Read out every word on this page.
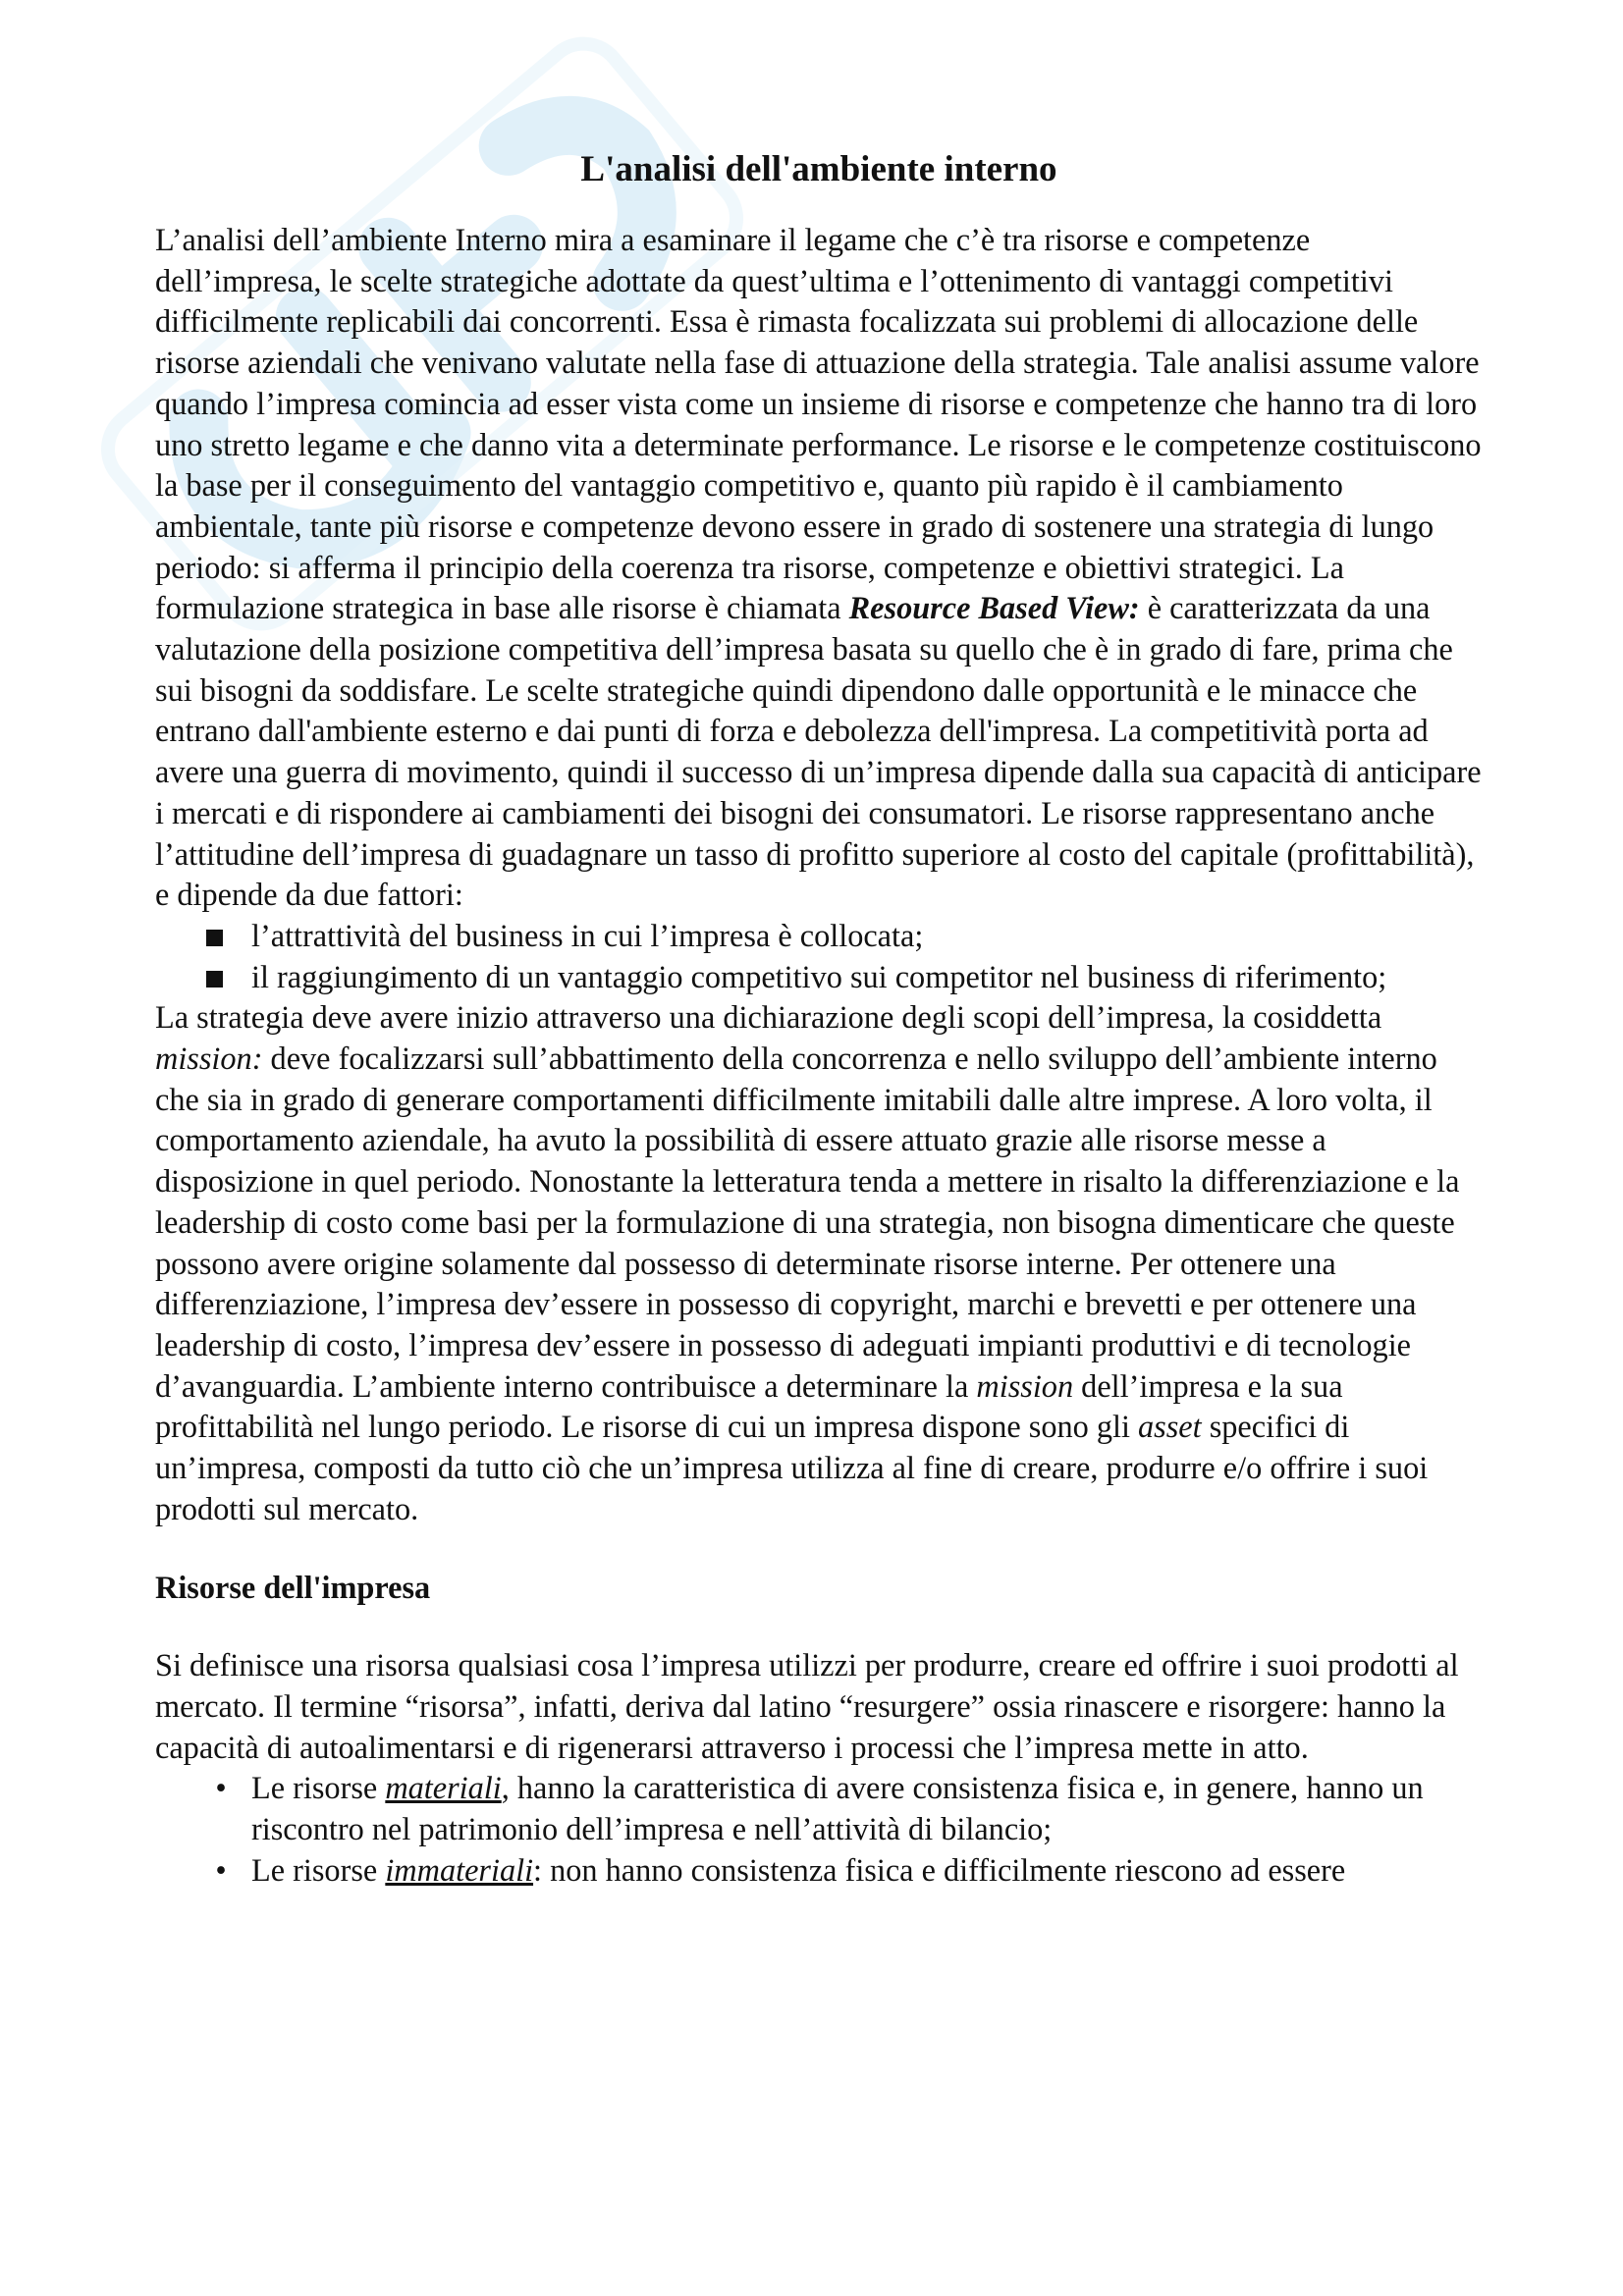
L'analisi dell'ambiente interno

L’analisi dell’ambiente Interno mira a esaminare il legame che c’è tra risorse e competenze dell’impresa, le scelte strategiche adottate da quest’ultima e l’ottenimento di vantaggi competitivi difficilmente replicabili dai concorrenti. Essa è rimasta focalizzata sui problemi di allocazione delle risorse aziendali che venivano valutate nella fase di attuazione della strategia. Tale analisi assume valore quando l’impresa comincia ad esser vista come un insieme di risorse e competenze che hanno tra di loro uno stretto legame e che danno vita a determinate performance. Le risorse e le competenze costituiscono la base per il conseguimento del vantaggio competitivo e, quanto più rapido è il cambiamento ambientale, tante più risorse e competenze devono essere in grado di sostenere una strategia di lungo periodo: si afferma il principio della coerenza tra risorse, competenze e obiettivi strategici. La formulazione strategica in base alle risorse è chiamata Resource Based View: è caratterizzata da una valutazione della posizione competitiva dell’impresa basata su quello che è in grado di fare, prima che sui bisogni da soddisfare. Le scelte strategiche quindi dipendono dalle opportunità e le minacce che entrano dall'ambiente esterno e dai punti di forza e debolezza dell'impresa. La competitività porta ad avere una guerra di movimento, quindi il successo di un’impresa dipende dalla sua capacità di anticipare i mercati e di rispondere ai cambiamenti dei bisogni dei consumatori. Le risorse rappresentano anche l’attitudine dell’impresa di guadagnare un tasso di profitto superiore al costo del capitale (profittabilità), e dipende da due fattori:

l’attrattività del business in cui l’impresa è collocata;
il raggiungimento di un vantaggio competitivo sui competitor nel business di riferimento;

La strategia deve avere inizio attraverso una dichiarazione degli scopi dell’impresa, la cosiddetta mission: deve focalizzarsi sull’abbattimento della concorrenza e nello sviluppo dell’ambiente interno che sia in grado di generare comportamenti difficilmente imitabili dalle altre imprese. A loro volta, il comportamento aziendale, ha avuto la possibilità di essere attuato grazie alle risorse messe a disposizione in quel periodo. Nonostante la letteratura tenda a mettere in risalto la differenziazione e la leadership di costo come basi per la formulazione di una strategia, non bisogna dimenticare che queste possono avere origine solamente dal possesso di determinate risorse interne. Per ottenere una differenziazione, l’impresa dev’essere in possesso di copyright, marchi e brevetti e per ottenere una leadership di costo, l’impresa dev’essere in possesso di adeguati impianti produttivi e di tecnologie d’avanguardia. L’ambiente interno contribuisce a determinare la mission dell’impresa e la sua profittabilità nel lungo periodo. Le risorse di cui un impresa dispone sono gli asset specifici di un’impresa, composti da tutto ciò che un’impresa utilizza al fine di creare, produrre e/o offrire i suoi prodotti sul mercato.

Risorse dell'impresa

Si definisce una risorsa qualsiasi cosa l’impresa utilizzi per produrre, creare ed offrire i suoi prodotti al mercato. Il termine “risorsa”, infatti, deriva dal latino “resurgere” ossia rinascere e risorgere: hanno la capacità di autoalimentarsi e di rigenerarsi attraverso i processi che l’impresa mette in atto.

• Le risorse materiali, hanno la caratteristica di avere consistenza fisica e, in genere, hanno un riscontro nel patrimonio dell’impresa e nell’attività di bilancio;
• Le risorse immateriali: non hanno consistenza fisica e difficilmente riescono ad essere
